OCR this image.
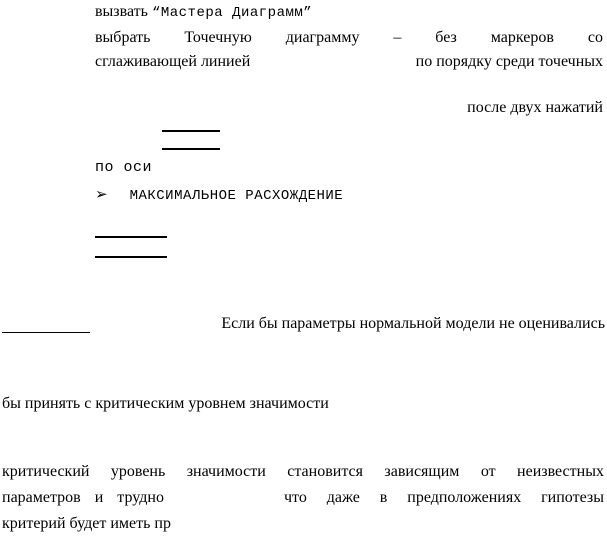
вызвать “Мастера Диаграмм”
выбрать Точечную диаграмму – без маркеров со
сглаживающей линией	по порядку среди точечных
после двух нажатий
по оси
➢ МАКСИМАЛЬНОЕ РАСХОЖДЕНИЕ
Если бы параметры нормальной модели не оценивались
бы принять с критическим уровнем значимости
критический уровень значимости становится зависящим от неизвестных
параметров и трудно	что даже в предположениях гипотезы
критерий будет иметь пр
